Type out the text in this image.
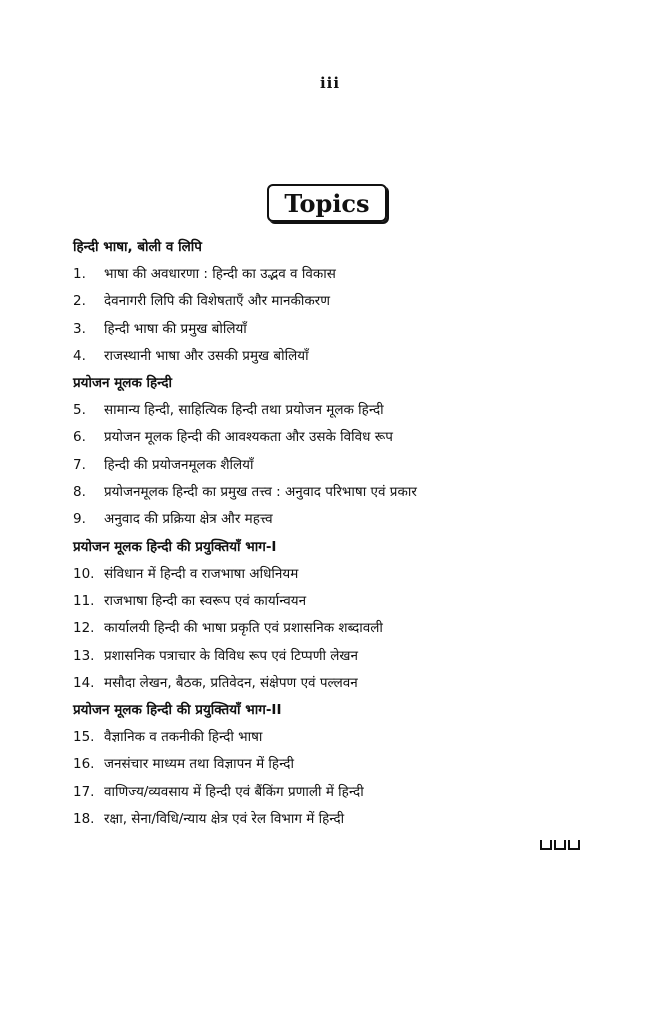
iii
Topics
हिन्दी भाषा, बोली व लिपि
1.	भाषा की अवधारणा : हिन्दी का उद्भव व विकास
2.	देवनागरी लिपि की विशेषताएँ और मानकीकरण
3.	हिन्दी भाषा की प्रमुख बोलियाँ
4.	राजस्थानी भाषा और उसकी प्रमुख बोलियाँ
प्रयोजन मूलक हिन्दी
5.	सामान्य हिन्दी, साहित्यिक हिन्दी तथा प्रयोजन मूलक हिन्दी
6.	प्रयोजन मूलक हिन्दी की आवश्यकता और उसके विविध रूप
7.	हिन्दी की प्रयोजनमूलक शैलियाँ
8.	प्रयोजनमूलक हिन्दी का प्रमुख तत्त्व : अनुवाद परिभाषा एवं प्रकार
9.	अनुवाद की प्रक्रिया क्षेत्र और महत्त्व
प्रयोजन मूलक हिन्दी की प्रयुक्तियाँ भाग-I
10. संविधान में हिन्दी व राजभाषा अधिनियम
11. राजभाषा हिन्दी का स्वरूप एवं कार्यान्वयन
12. कार्यालयी हिन्दी की भाषा प्रकृति एवं प्रशासनिक शब्दावली
13. प्रशासनिक पत्राचार के विविध रूप एवं टिप्पणी लेखन
14. मसौदा लेखन, बैठक, प्रतिवेदन, संक्षेपण एवं पल्लवन
प्रयोजन मूलक हिन्दी की प्रयुक्तियाँ भाग-II
15. वैज्ञानिक व तकनीकी हिन्दी भाषा
16. जनसंचार माध्यम तथा विज्ञापन में हिन्दी
17. वाणिज्य/व्यवसाय में हिन्दी एवं बैंकिंग प्रणाली में हिन्दी
18. रक्षा, सेना/विधि/न्याय क्षेत्र एवं रेल विभाग में हिन्दी
